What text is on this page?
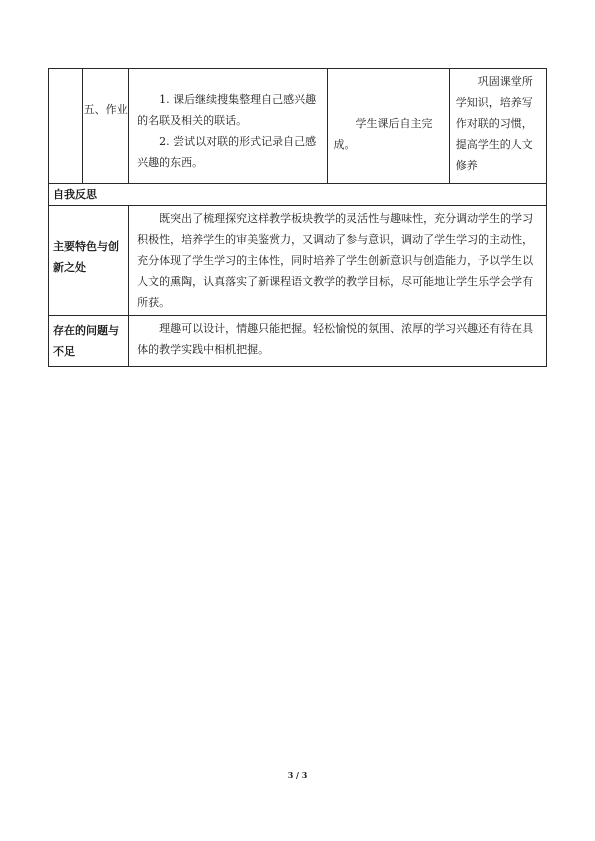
	五、作业	1. 课后继续搜集整理自己感兴趣的名联及相关的联话。

2. 尝试以对联的形式记录自己感兴趣的东西。	学生课后自主完成。	巩固课堂所学知识，培养写作对联的习惯，提高学生的人文修养

自我反思				
主要特色与创新之处		既突出了梳理探究这样教学板块教学的灵活性与趣味性，充分调动学生的学习积极性，培养学生的审美鉴赏力，又调动了参与意识，调动了学生学习的主动性，充分体现了学生学习的主体性，同时培养了学生创新意识与创造能力，予以学生以人文的熏陶，认真落实了新课程语文教学的教学目标，尽可能地让学生乐学会学有所获。		

存在的问题与不足		理趣可以设计，情趣只能把握。轻松愉悦的氛围、浓厚的学习兴趣还有待在具体的教学实践中相机把握。		

3 / 3
